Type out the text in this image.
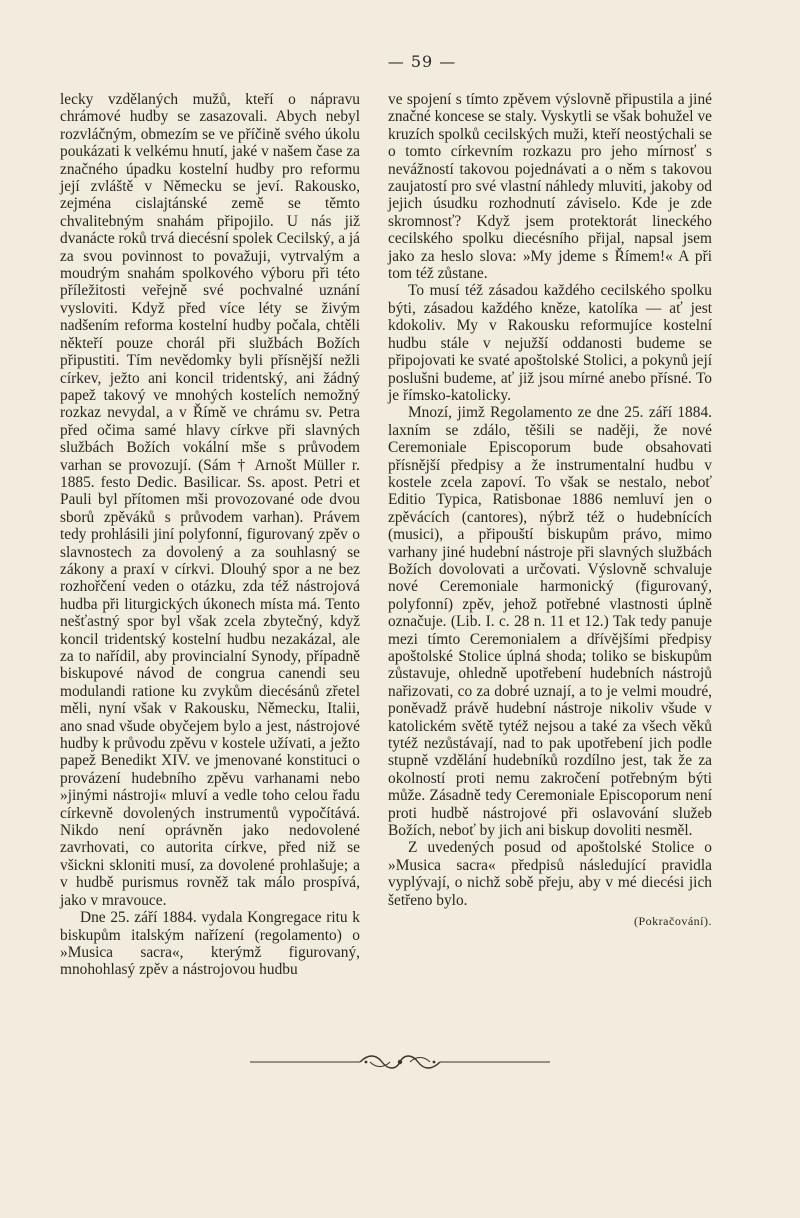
— 59 —

lecky vzdělaných mužů, kteří o nápravu chrámové hudby se zasazovali. Abych nebyl rozvláčným, obmezím se ve příčině svého úkolu poukázati k velkému hnutí, jaké v našem čase za značného úpadku kostelní hudby pro reformu její zvláště v Německu se jeví. Rakousko, zejména cislajtánské země se těmto chvalitebným snahám připojilo. U nás již dvanácte roků trvá diecésní spolek Cecilský, a já za svou povinnost to považuji, vytrvalým a moudrým snahám spolkového výboru při této příležitosti veřejně své pochvalné uznání vysloviti. Když před více léty se živým nadšením reforma kostelní hudby počala, chtěli někteří pouze chorál při službách Božích připustiti. Tím nevědomky byli přísnější nežli církev, ježto ani koncil tridentský, ani žádný papež takový ve mnohých kostelích nemožný rozkaz nevydal, a v Římě ve chrámu sv. Petra před očima samé hlavy církve při slavných službách Božích vokální mše s průvodem varhan se provozují. (Sám † Arnošt Müller r. 1885. festo Dedic. Basilicar. Ss. apost. Petri et Pauli byl přítomen mši provozované ode dvou sborů zpěváků s průvodem varhan). Právem tedy prohlásili jiní polyfonní, figurovaný zpěv o slavnostech za dovolený a za souhlasný se zákony a praxí v církvi. Dlouhý spor a ne bez rozhořčení veden o otázku, zda též nástrojová hudba při liturgických úkonech místa má. Tento nešťastný spor byl však zcela zbytečný, když koncil tridentský kostelní hudbu nezakázal, ale za to nařídil, aby provincialní Synody, případně biskupové návod de congrua canendi seu modulandi ratione ku zvykům diecésánů zřetel měli, nyní však v Rakousku, Německu, Italii, ano snad všude obyčejem bylo a jest, nástrojové hudby k průvodu zpěvu v kostele užívati, a ježto papež Benedikt XIV. ve jmenované konstituci o provázení hudebního zpěvu varhanami nebo »jinými nástroji« mluví a vedle toho celou řadu církevně dovolených instrumentů vypočítává. Nikdo není oprávněn jako nedovolené zavrhovati, co autorita církve, před niž se všickni skloniti musí, za dovolené prohlašuje; a v hudbě purismus rovněž tak málo prospívá, jako v mravouce.

Dne 25. září 1884. vydala Kongregace ritu k biskupům italským nařízení (regolamento) o »Musica sacra«, kterýmž figurovaný, mnohohlasý zpěv a nástrojovou hudbu

ve spojení s tímto zpěvem výslovně připustila a jiné značné koncese se staly. Vyskytli se však bohužel ve kruzích spolků cecilských muži, kteří neostýchali se o tomto církevním rozkazu pro jeho mírnosť s nevážností takovou pojednávati a o něm s takovou zaujatostí pro své vlastní náhledy mluviti, jakoby od jejich úsudku rozhodnutí záviselo. Kde je zde skromnosť? Když jsem protektorát lineckého cecilského spolku diecésního přijal, napsal jsem jako za heslo slova: »My jdeme s Římem!« A při tom též zůstane.

To musí též zásadou každého cecilského spolku býti, zásadou každého kněze, katolíka — ať jest kdokoliv. My v Rakousku reformujíce kostelní hudbu stále v nejužší oddanosti budeme se připojovati ke svaté apoštolské Stolici, a pokynů její poslušni budeme, ať již jsou mírné anebo přísné. To je římsko-katolicky.

Mnozí, jimž Regolamento ze dne 25. září 1884. laxním se zdálo, těšili se naději, že nové Ceremoniale Episcoporum bude obsahovati přísnější předpisy a že instrumentalní hudbu v kostele zcela zapoví. To však se nestalo, neboť Editio Typica, Ratisbonae 1886 nemluví jen o zpěvácích (cantores), nýbrž též o hudebnících (musici), a připouští biskupům právo, mimo varhany jiné hudební nástroje při slavných službách Božích dovolovati a určovati. Výslovně schvaluje nové Ceremoniale harmonický (figurovaný, polyfonní) zpěv, jehož potřebné vlastnosti úplně označuje. (Lib. I. c. 28 n. 11 et 12.) Tak tedy panuje mezi tímto Ceremonialem a dřívějšími předpisy apoštolské Stolice úplná shoda; toliko se biskupům zůstavuje, ohledně upotřebení hudebních nástrojů nařizovati, co za dobré uznají, a to je velmi moudré, poněvadž právě hudební nástroje nikoliv všude v katolickém světě tytéž nejsou a také za všech věků tytéž nezůstávají, nad to pak upotřebení jich podle stupně vzdělání hudebníků rozdílno jest, tak že za okolností proti nemu zakročení potřebným býti může. Zásadně tedy Ceremoniale Episcoporum není proti hudbě nástrojové při oslavování služeb Božích, neboť by jich ani biskup dovoliti nesměl.

Z uvedených posud od apoštolské Stolice o »Musica sacra« předpisů následující pravidla vyplývají, o nichž sobě přeju, aby v mé diecési jich šetřeno bylo.

(Pokračování).
